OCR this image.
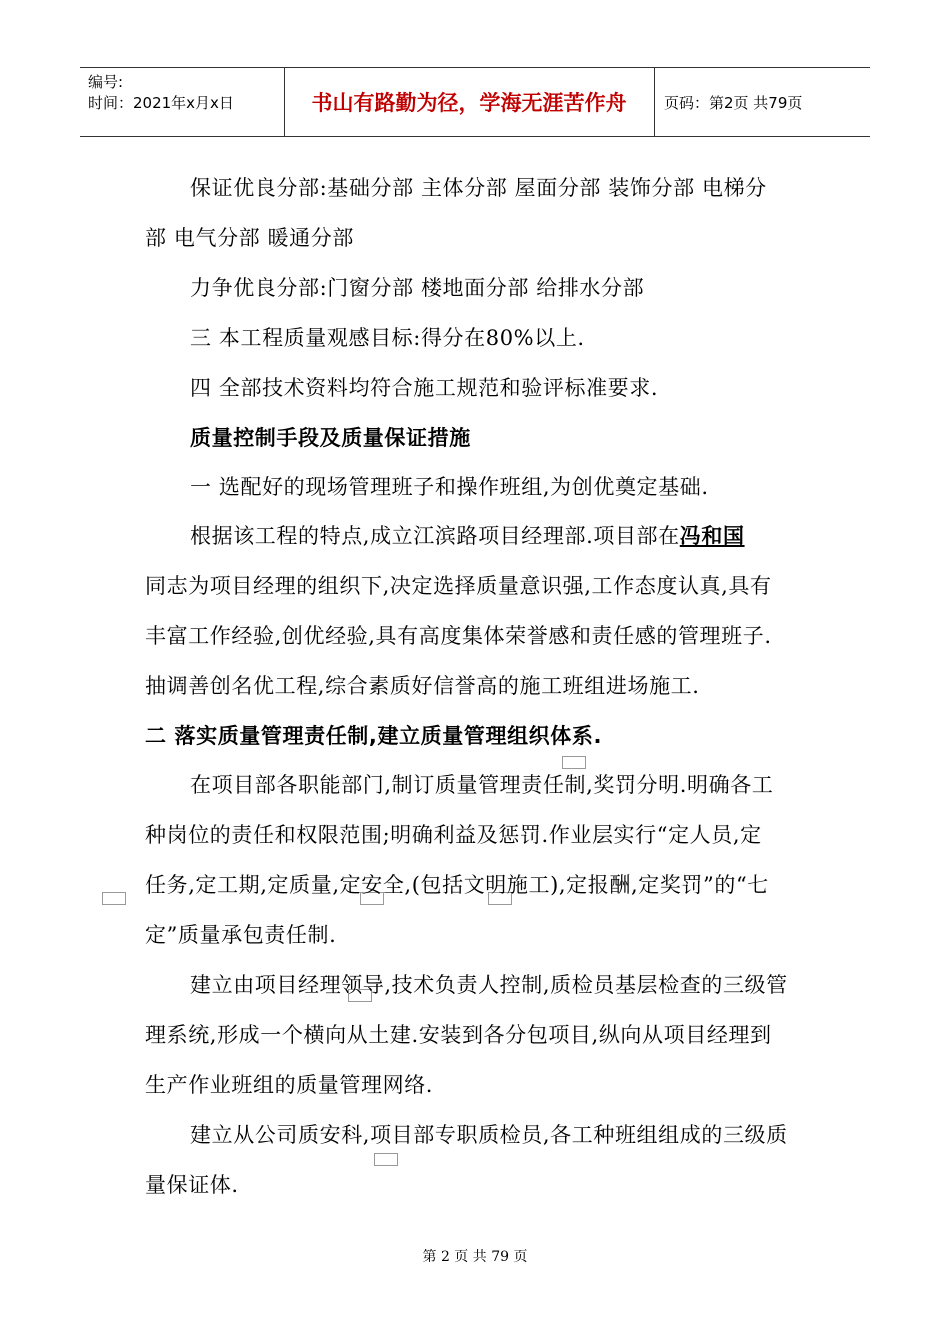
编号:
时间：2021年x月x日	书山有路勤为径，学海无涯苦作舟	页码：第2页 共79页
保证优良分部:基础分部 主体分部 屋面分部 装饰分部 电梯分
部 电气分部 暖通分部
力争优良分部:门窗分部 楼地面分部 给排水分部
三 本工程质量观感目标:得分在80%以上.
四 全部技术资料均符合施工规范和验评标准要求.
质量控制手段及质量保证措施
一 选配好的现场管理班子和操作班组,为创优奠定基础.
根据该工程的特点,成立江滨路项目经理部.项目部在冯和国
同志为项目经理的组织下,决定选择质量意识强,工作态度认真,具有
丰富工作经验,创优经验,具有高度集体荣誉感和责任感的管理班子.
抽调善创名优工程,综合素质好信誉高的施工班组进场施工.
二 落实质量管理责任制,建立质量管理组织体系.
在项目部各职能部门,制订质量管理责任制,奖罚分明.明确各工
种岗位的责任和权限范围;明确利益及惩罚.作业层实行“定人员,定
任务,定工期,定质量,定安全,(包括文明施工),定报酬,定奖罚”的“七
定”质量承包责任制.
建立由项目经理领导,技术负责人控制,质检员基层检查的三级管
理系统,形成一个横向从土建.安装到各分包项目,纵向从项目经理到
生产作业班组的质量管理网络.
建立从公司质安科,项目部专职质检员,各工种班组组成的三级质
量保证体.
第 2 页 共 79 页
